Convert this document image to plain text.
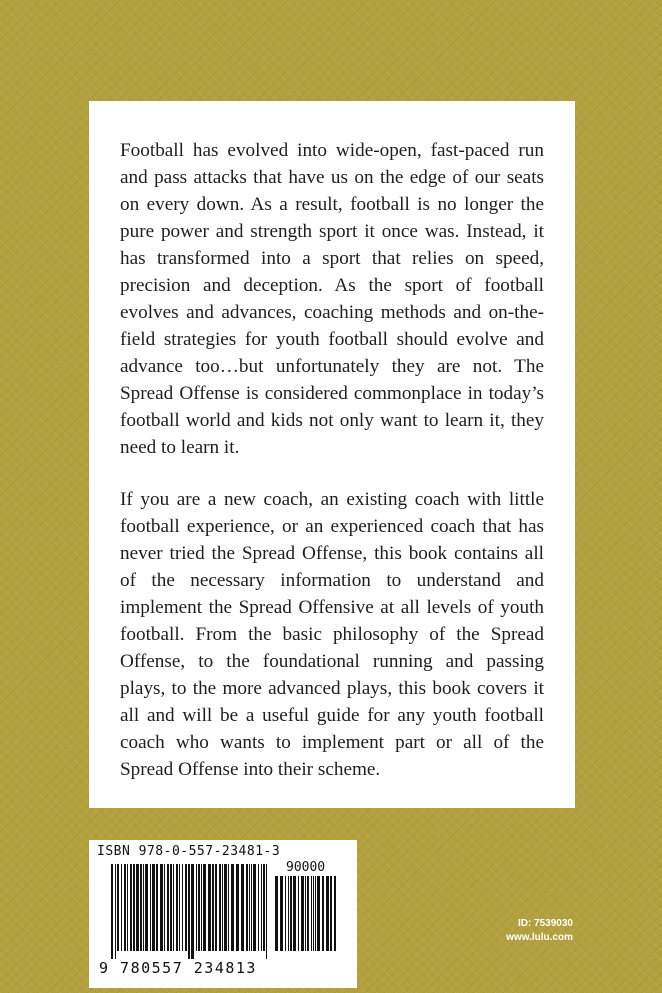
Football has evolved into wide-open, fast-paced run and pass attacks that have us on the edge of our seats on every down. As a result, football is no longer the pure power and strength sport it once was. Instead, it has transformed into a sport that relies on speed, precision and deception. As the sport of football evolves and advances, coaching methods and on-the-field strategies for youth football should evolve and advance too…but unfortunately they are not. The Spread Offense is considered commonplace in today’s football world and kids not only want to learn it, they need to learn it.

If you are a new coach, an existing coach with little football experience, or an experienced coach that has never tried the Spread Offense, this book contains all of the necessary information to understand and implement the Spread Offensive at all levels of youth football. From the basic philosophy of the Spread Offense, to the foundational running and passing plays, to the more advanced plays, this book covers it all and will be a useful guide for any youth football coach who wants to implement part or all of the Spread Offense into their scheme.

ISBN 978-0-557-23481-3
90000
9 780557 234813
ID: 7539030
www.lulu.com
